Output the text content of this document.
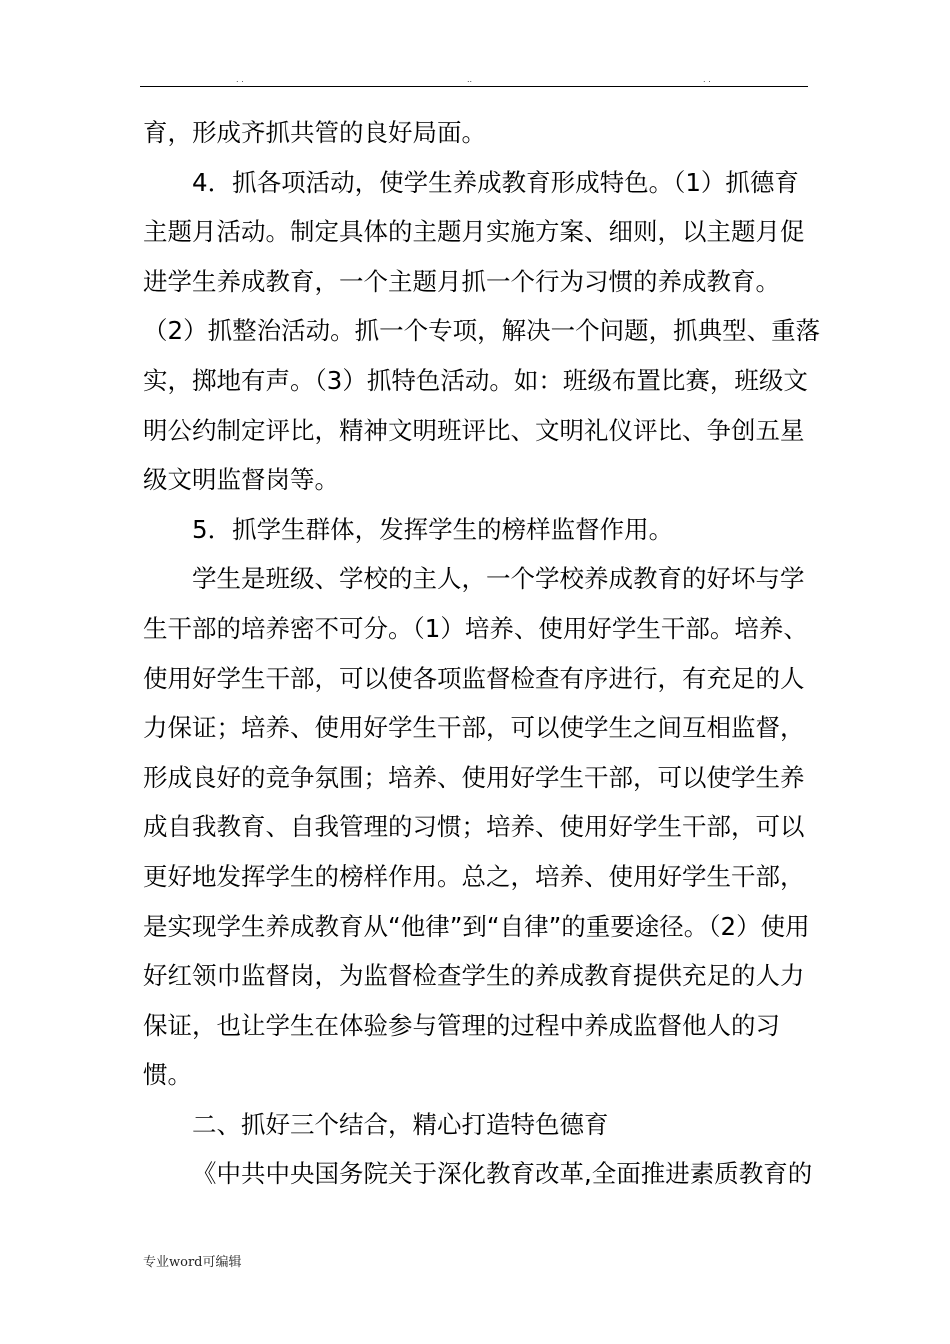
. .	..	. .
育，形成齐抓共管的良好局面。
4．抓各项活动，使学生养成教育形成特色。（1）抓德育
主题月活动。制定具体的主题月实施方案、细则，以主题月促
进学生养成教育，一个主题月抓一个行为习惯的养成教育。
（2）抓整治活动。抓一个专项，解决一个问题，抓典型、重落
实，掷地有声。（3）抓特色活动。如：班级布置比赛，班级文
明公约制定评比，精神文明班评比、文明礼仪评比、争创五星
级文明监督岗等。
5．抓学生群体，发挥学生的榜样监督作用。
学生是班级、学校的主人，一个学校养成教育的好坏与学
生干部的培养密不可分。（1）培养、使用好学生干部。培养、
使用好学生干部，可以使各项监督检查有序进行，有充足的人
力保证；培养、使用好学生干部，可以使学生之间互相监督，
形成良好的竞争氛围；培养、使用好学生干部，可以使学生养
成自我教育、自我管理的习惯；培养、使用好学生干部，可以
更好地发挥学生的榜样作用。总之，培养、使用好学生干部，
是实现学生养成教育从“他律”到“自律”的重要途径。（2）使用
好红领巾监督岗，为监督检查学生的养成教育提供充足的人力
保证，也让学生在体验参与管理的过程中养成监督他人的习
惯。
二、抓好三个结合，精心打造特色德育
《中共中央国务院关于深化教育改革,全面推进素质教育的
专业word可编辑
